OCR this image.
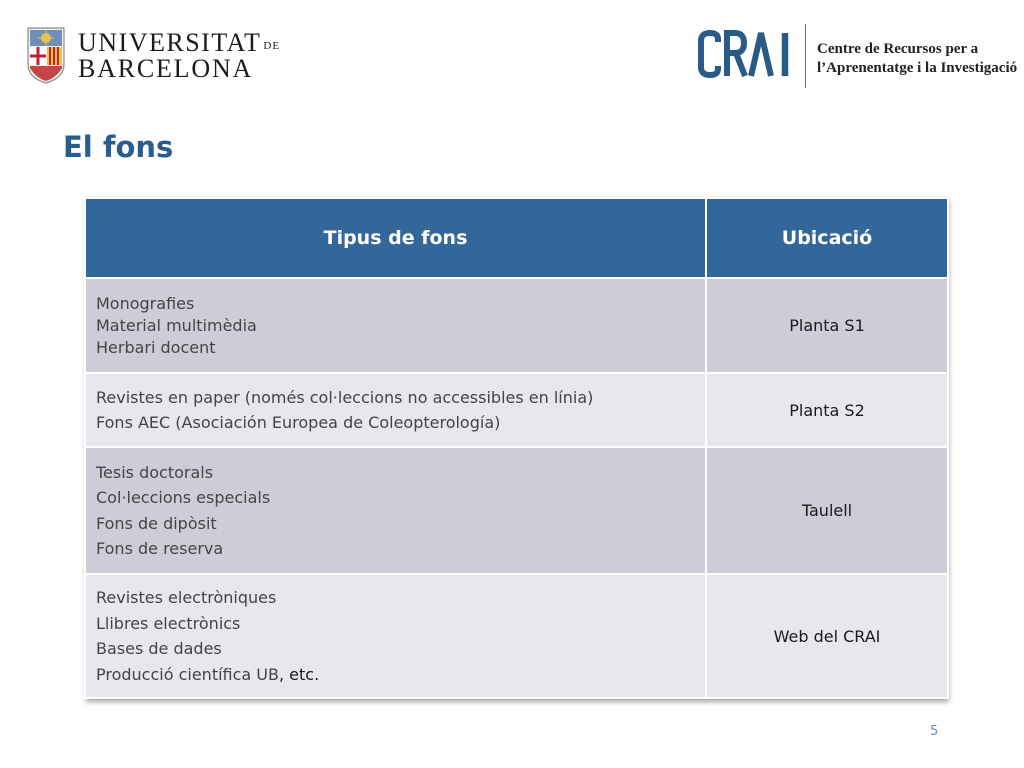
UNIVERSITAT DE
BARCELONA
Centre de Recursos per a
l’Aprenentatge i la Investigació
El fons
Tipus de fons	Ubicació

Monografies
Material multimèdia
Herbari docent	Planta S1

Revistes en paper (només col·leccions no accessibles en línia)
Fons AEC (Asociación Europea de Coleopterología)	Planta S2

Tesis doctorals
Col·leccions especials
Fons de dipòsit
Fons de reserva	Taulell

Revistes electròniques
Llibres electrònics
Bases de dades
Producció científica UB, etc.	Web del CRAI
5
